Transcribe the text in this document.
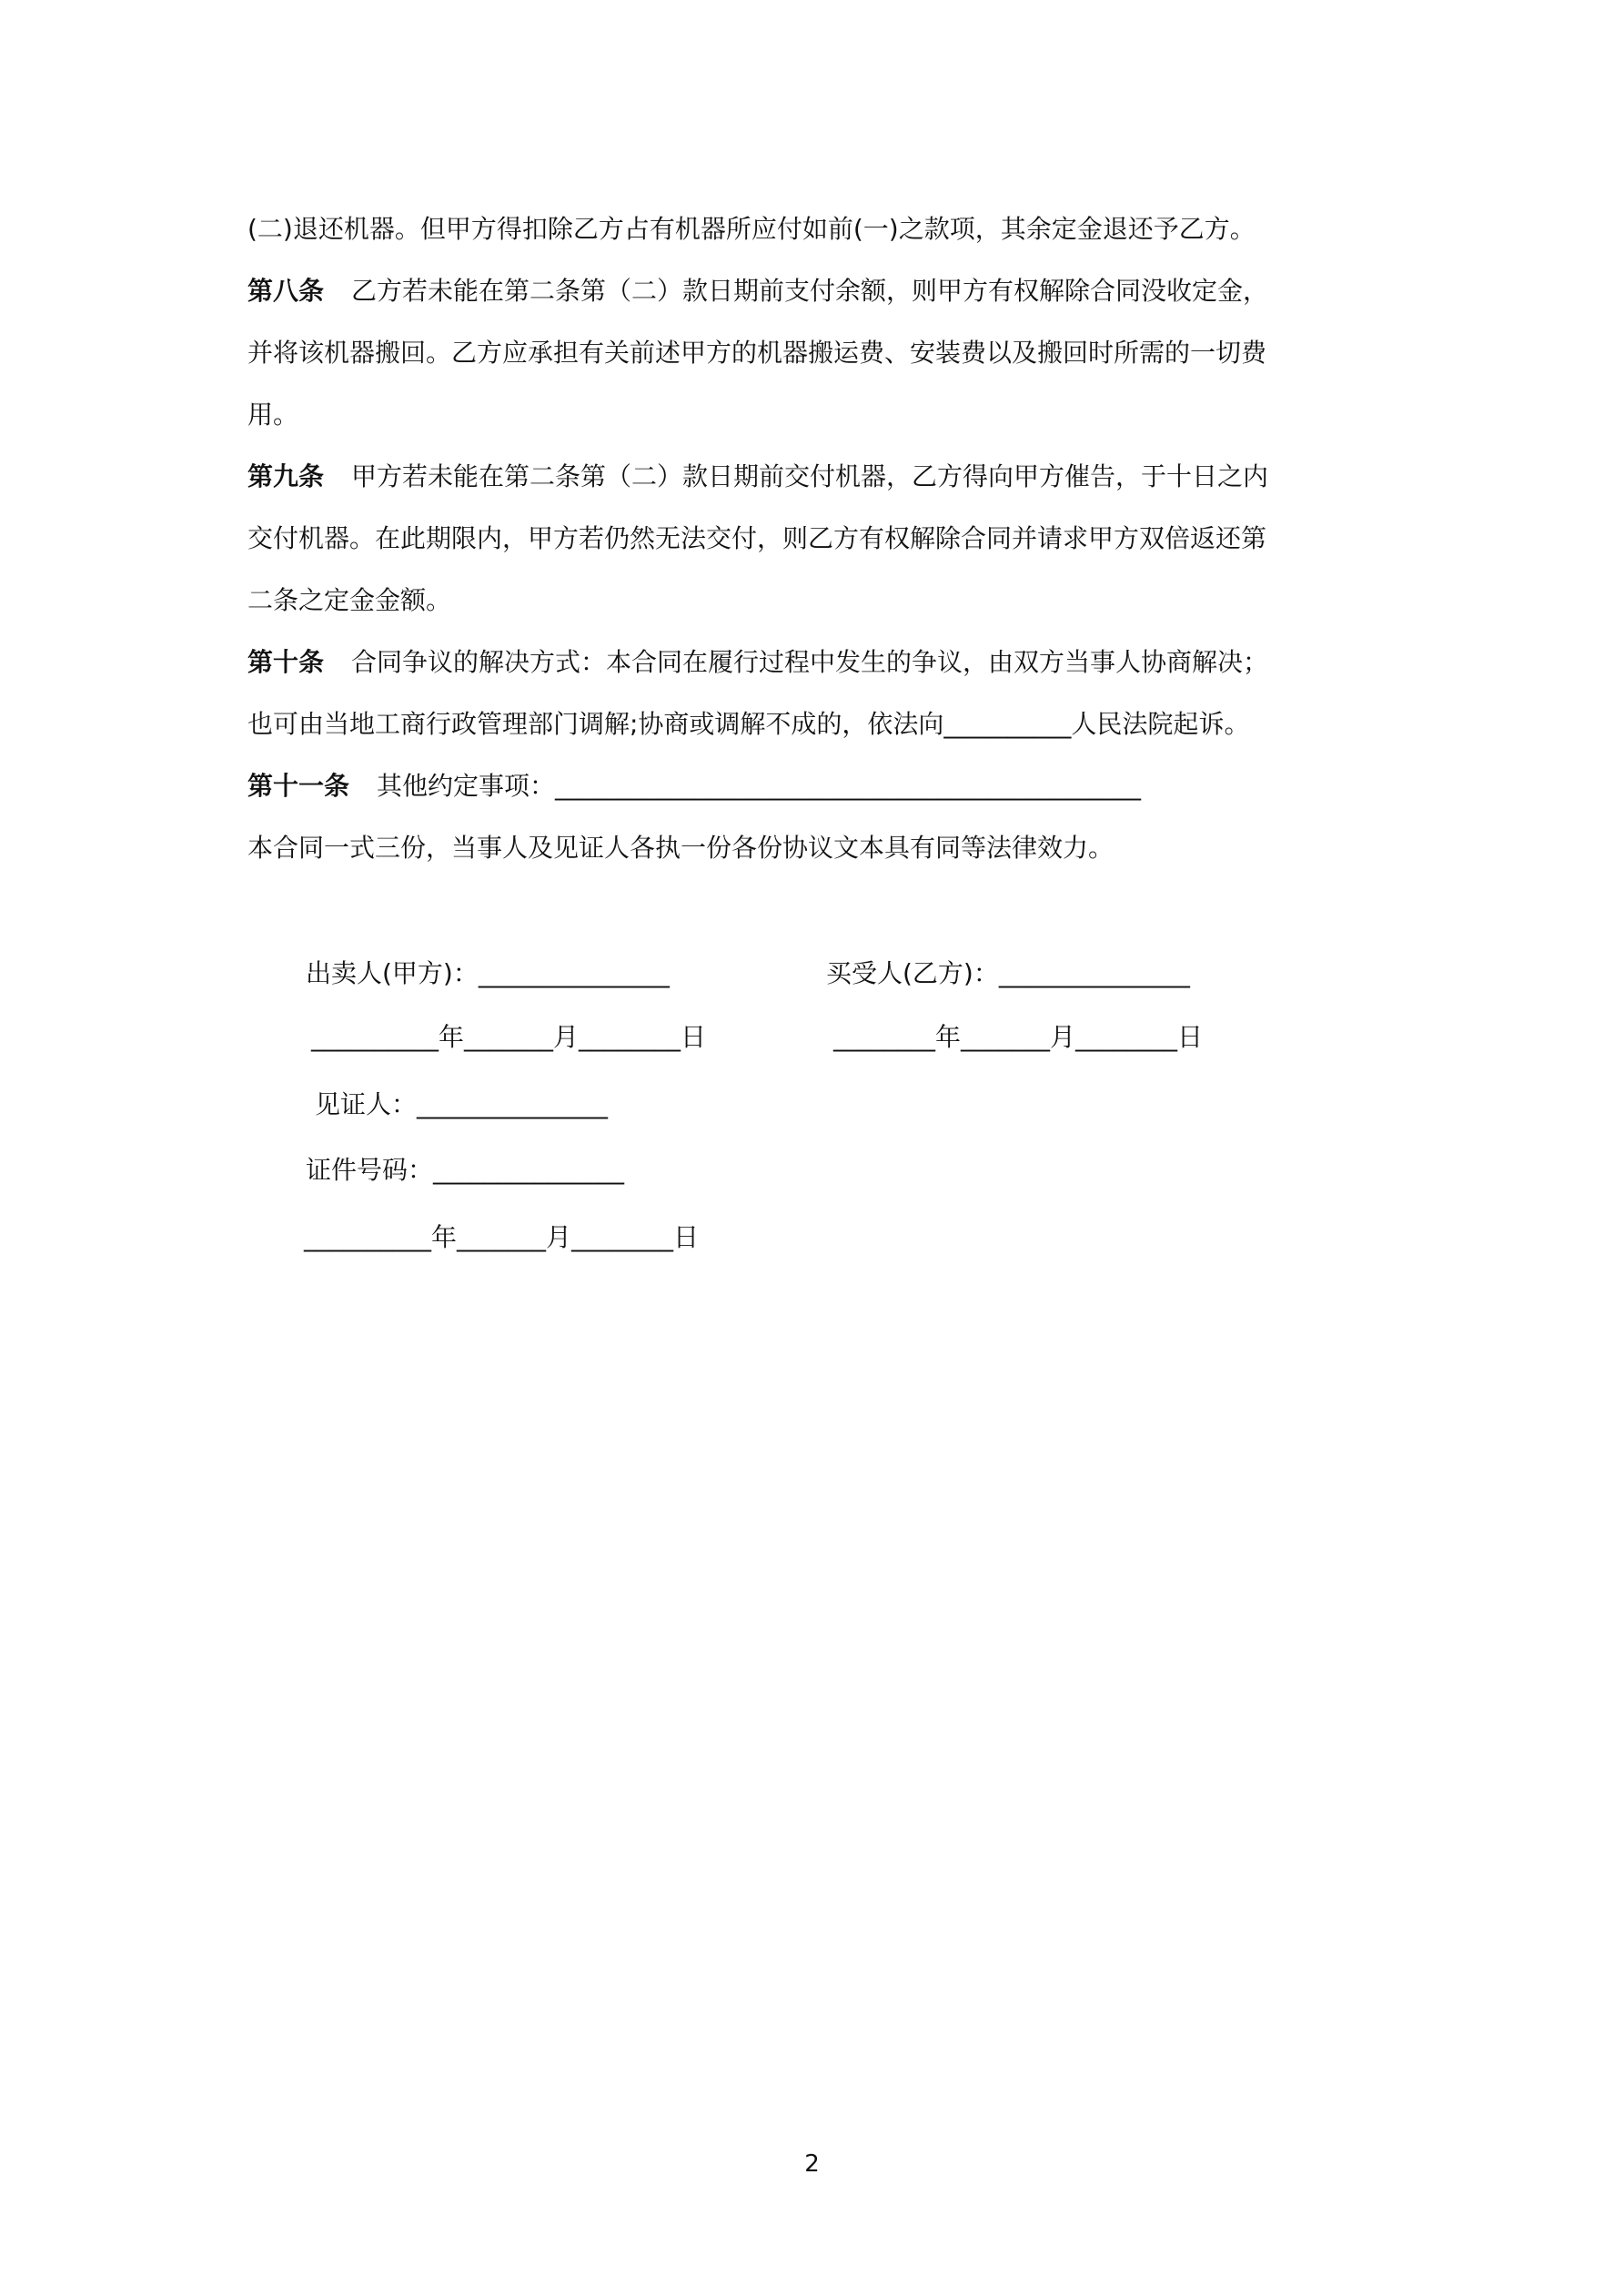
(二)退还机器。但甲方得扣除乙方占有机器所应付如前(一)之款项，其余定金退还予乙方。
第八条 乙方若未能在第二条第（二）款日期前支付余额，则甲方有权解除合同没收定金，
并将该机器搬回。乙方应承担有关前述甲方的机器搬运费、安装费以及搬回时所需的一切费
用。
第九条 甲方若未能在第二条第（二）款日期前交付机器，乙方得向甲方催告，于十日之内
交付机器。在此期限内，甲方若仍然无法交付，则乙方有权解除合同并请求甲方双倍返还第
二条之定金金额。
第十条 合同争议的解决方式：本合同在履行过程中发生的争议，由双方当事人协商解决；
也可由当地工商行政管理部门调解;协商或调解不成的，依法向__________人民法院起诉。
第十一条 其他约定事项：______________________________________________
本合同一式三份，当事人及见证人各执一份各份协议文本具有同等法律效力。
出卖人(甲方)：_______________	买受人(乙方)：_______________
__________年_______月________日	________年_______月________日
见证人：_______________
证件号码：_______________
__________年_______月________日
2
